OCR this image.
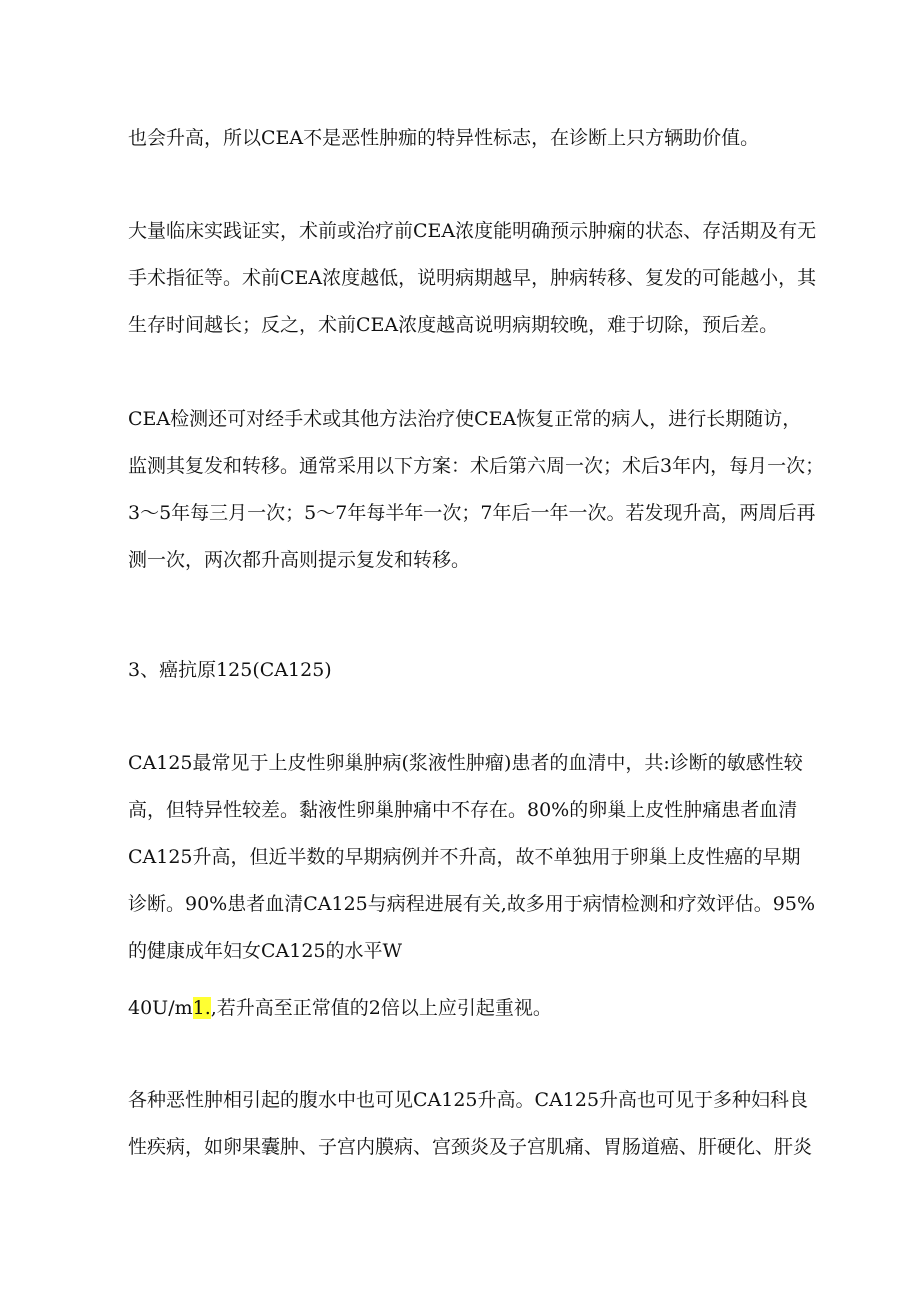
也会升高，所以CEA不是恶性肿痂的特异性标志，在诊断上只方辆助价值。
大量临床实践证实，术前或治疗前CEA浓度能明确预示肿痫的状态、存活期及有无
手术指征等。术前CEA浓度越低，说明病期越早，肿病转移、复发的可能越小，其
生存时间越长；反之，术前CEA浓度越高说明病期较晚，难于切除，预后差。
CEA检测还可对经手术或其他方法治疗使CEA恢复正常的病人，进行长期随访，
监测其复发和转移。通常采用以下方案：术后第六周一次；术后3年内，每月一次；
3～5年每三月一次；5～7年每半年一次；7年后一年一次。若发现升高，两周后再
测一次，两次都升高则提示复发和转移。
3、癌抗原125(CA125)
CA125最常见于上皮性卵巢肿病(浆液性肿瘤)患者的血清中，共:诊断的敏感性较
高，但特异性较差。黏液性卵巢肿痛中不存在。80%的卵巢上皮性肿痛患者血清
CA125升高，但近半数的早期病例并不升高，故不单独用于卵巢上皮性癌的早期
诊断。90%患者血清CA125与病程进展有关,故多用于病情检测和疗效评估。95%
的健康成年妇女CA125的水平W
40U/m1.,若升高至正常值的2倍以上应引起重视。
各种恶性肿相引起的腹水中也可见CA125升高。CA125升高也可见于多种妇科良
性疾病，如卵果囊肿、子宫内膜病、宫颈炎及子宫肌痛、胃肠道癌、肝硬化、肝炎
